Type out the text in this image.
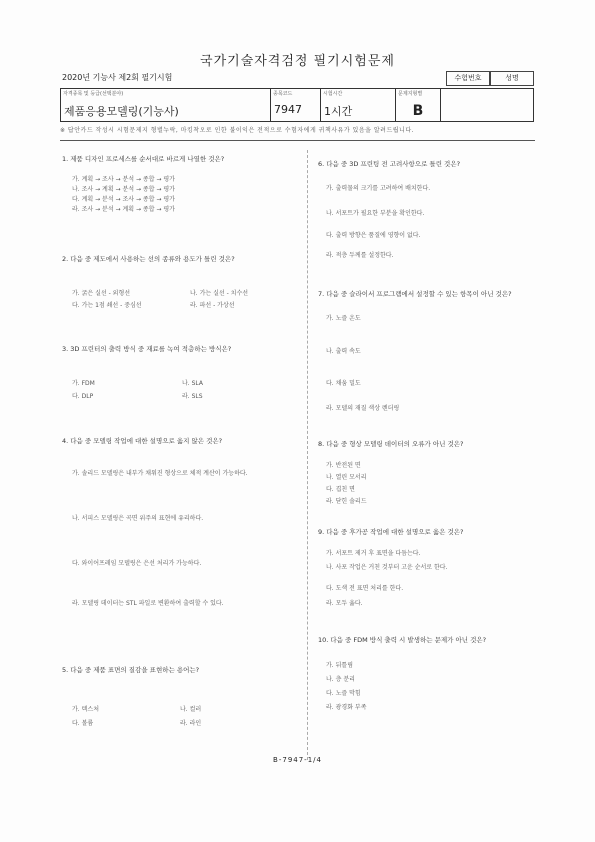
국가기술자격검정 필기시험문제
2020년 기능사 제2회 필기시험	수험번호	성명
자격종목 및 등급(선택분야)
제품응용모델링(기능사)
종목코드
7947
시험시간
1시간
문제지형별
B
※ 답안카드 작성시 시험문제지 형별누락, 마킹착오로 인한 불이익은 전적으로 수험자에게 귀책사유가 있음을 알려드립니다.
1. 제품 디자인 프로세스를 순서대로 바르게 나열한 것은?
가. 계획 → 조사 → 분석 → 종합 → 평가
나. 조사 → 계획 → 분석 → 종합 → 평가
다. 계획 → 분석 → 조사 → 종합 → 평가
라. 조사 → 분석 → 계획 → 종합 → 평가
2. 다음 중 제도에서 사용하는 선의 종류와 용도가 틀린 것은?
가. 굵은 실선 - 외형선	나. 가는 실선 - 치수선
다. 가는 1점 쇄선 - 중심선	라. 파선 - 가상선
3. 3D 프린터의 출력 방식 중 재료를 녹여 적층하는 방식은?
가. FDM	나. SLA
다. DLP	라. SLS
4. 다음 중 모델링 작업에 대한 설명으로 옳지 않은 것은?
가. 솔리드 모델링은 내부가 채워진 형상으로 체적 계산이 가능하다.
나. 서피스 모델링은 곡면 위주의 표현에 유리하다.
다. 와이어프레임 모델링은 은선 처리가 가능하다.
라. 모델링 데이터는 STL 파일로 변환하여 출력할 수 있다.
5. 다음 중 제품 표면의 질감을 표현하는 용어는?
가. 텍스처	나. 컬러
다. 볼륨	라. 라인
6. 다음 중 3D 프린팅 전 고려사항으로 틀린 것은?
가. 출력물의 크기를 고려하여 배치한다.
나. 서포트가 필요한 부분을 확인한다.
다. 출력 방향은 품질에 영향이 없다.
라. 적층 두께를 설정한다.
7. 다음 중 슬라이서 프로그램에서 설정할 수 있는 항목이 아닌 것은?
가. 노즐 온도
나. 출력 속도
다. 채움 밀도
라. 모델의 재질 색상 렌더링
8. 다음 중 형상 모델링 데이터의 오류가 아닌 것은?
가. 반전된 면
나. 열린 모서리
다. 겹친 면
라. 닫힌 솔리드
9. 다음 중 후가공 작업에 대한 설명으로 옳은 것은?
가. 서포트 제거 후 표면을 다듬는다.
나. 사포 작업은 거친 것부터 고운 순서로 한다.
다. 도색 전 표면 처리를 한다.
라. 모두 옳다.
10. 다음 중 FDM 방식 출력 시 발생하는 문제가 아닌 것은?
가. 뒤틀림
나. 층 분리
다. 노즐 막힘
라. 광경화 부족
B-7947-1/4
